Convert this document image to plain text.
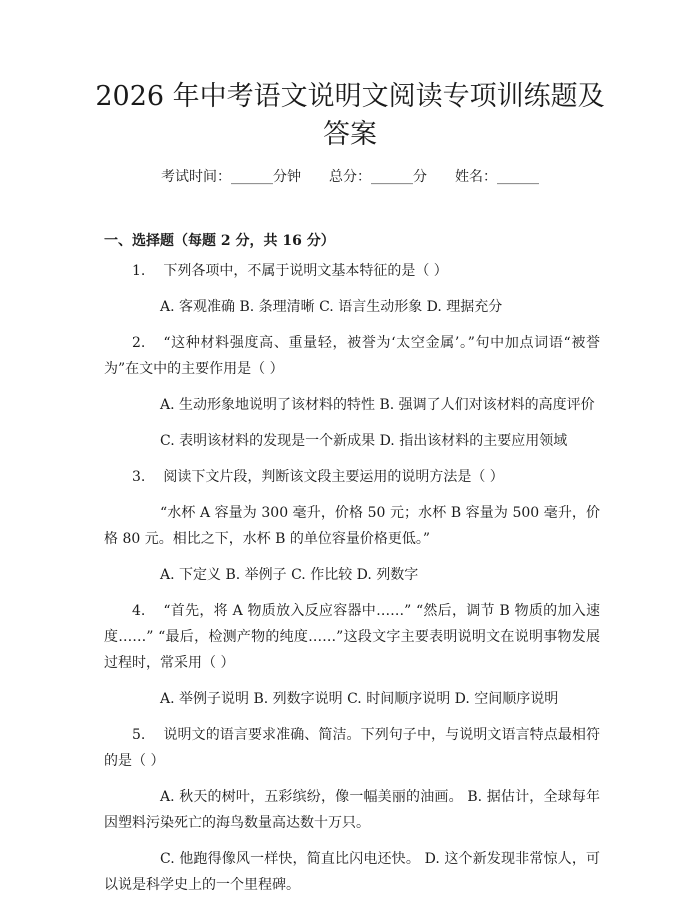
2026 年中考语文说明文阅读专项训练题及答案
考试时间：______分钟 总分：______分 姓名：______
一、选择题（每题 2 分，共 16 分）

1. 下列各项中，不属于说明文基本特征的是（ ）

A. 客观准确 B. 条理清晰 C. 语言生动形象 D. 理据充分

2. “这种材料强度高、重量轻，被誉为‘太空金属’。”句中加点词语“被誉为”在文中的主要作用是（ ）

A. 生动形象地说明了该材料的特性 B. 强调了人们对该材料的高度评价

C. 表明该材料的发现是一个新成果 D. 指出该材料的主要应用领域

3. 阅读下文片段，判断该文段主要运用的说明方法是（ ）

“水杯 A 容量为 300 毫升，价格 50 元；水杯 B 容量为 500 毫升，价格 80 元。相比之下，水杯 B 的单位容量价格更低。”

A. 下定义 B. 举例子 C. 作比较 D. 列数字

4. “首先，将 A 物质放入反应容器中……” “然后，调节 B 物质的加入速度……” “最后，检测产物的纯度……”这段文字主要表明说明文在说明事物发展过程时，常采用（ ）

A. 举例子说明 B. 列数字说明 C. 时间顺序说明 D. 空间顺序说明

5. 说明文的语言要求准确、简洁。下列句子中，与说明文语言特点最相符的是（ ）

A. 秋天的树叶，五彩缤纷，像一幅美丽的油画。 B. 据估计，全球每年因塑料污染死亡的海鸟数量高达数十万只。

C. 他跑得像风一样快，简直比闪电还快。 D. 这个新发现非常惊人，可以说是科学史上的一个里程碑。
